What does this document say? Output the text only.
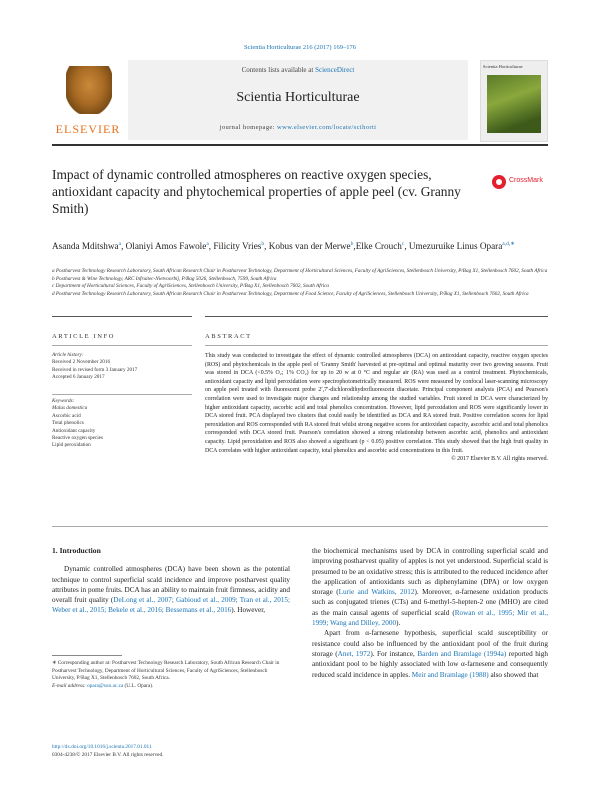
Scientia Horticulturae 216 (2017) 169–176
ELSEVIER
Contents lists available at ScienceDirect
Scientia Horticulturae
journal homepage: www.elsevier.com/locate/scihorti
Scientia Horticulturae
Impact of dynamic controlled atmospheres on reactive oxygen species, antioxidant capacity and phytochemical properties of apple peel (cv. Granny Smith)
CrossMark
Asanda Mditshwa$^a$, Olaniyi Amos Fawole$^a$, Filicity Vries$^b$, Kobus van der Merwe$^b$,Elke Crouch$^c$, Umezuruike Linus Opara$^{a,d,∗}$
a Postharvest Technology Research Laboratory, South African Research Chair in Postharvest Technology, Department of Horticultural Sciences, Faculty of AgriSciences, Stellenbosch University, P/Bag X1, Stellenbosch 7602, South Africa
b Postharvest & Wine Technology, ARC Infruitec-Nietvoorbij, P/Bag 5026, Stellenbosch, 7599, South Africa
c Department of Horticultural Sciences, Faculty of AgriSciences, Stellenbosch University, P/Bag X1, Stellenbosch 7602, South Africa
d Postharvest Technology Research Laboratory, South African Research Chair in Postharvest Technology, Department of Food Science, Faculty of AgriSciences, Stellenbosch University, P/Bag X1, Stellenbosch 7602, South Africa
ARTICLE INFO	ABSTRACT
Article history:
Received 2 November 2016
Received in revised form 3 January 2017
Accepted 6 January 2017
Keywords:
Malus domestica
Ascorbic acid
Total phenolics
Antioxidant capacity
Reactive oxygen species
Lipid peroxidation
This study was conducted to investigate the effect of dynamic controlled atmospheres (DCA) on antioxidant capacity, reactive oxygen species (ROS) and phytochemicals in the apple peel of 'Granny Smith' harvested at pre-optimal and optimal maturity over two growing seasons. Fruit was stored in DCA (<0.5% O₂; 1% CO₂) for up to 20 w at 0 °C and regular air (RA) was used as a control treatment. Phytochemicals, antioxidant capacity and lipid peroxidation were spectrophotometrically measured. ROS were measured by confocal laser-scanning microscopy on apple peel treated with fluorescent probe 2′,7′-dichlorodihydrofluorescein diacetate. Principal component analysis (PCA) and Pearson's correlation were used to investigate major changes and relationship among the studied variables. Fruit stored in DCA were characterized by higher antioxidant capacity, ascorbic acid and total phenolics concentration. However, lipid peroxidation and ROS were significantly lower in DCA stored fruit. PCA displayed two clusters that could easily be identified as DCA and RA stored fruit. Positive correlation scores for lipid peroxidation and ROS corresponded with RA stored fruit whilst strong negative scores for antioxidant capacity, ascorbic acid and total phenolics corresponded with DCA stored fruit. Pearson's correlation showed a strong relationship between ascorbic acid, phenolics and antioxidant capacity. Lipid peroxidation and ROS also showed a significant (p < 0.05) positive correlation. This study showed that the high fruit quality in DCA correlates with higher antioxidant capacity, total phenolics and ascorbic acid concentrations in this fruit.
© 2017 Elsevier B.V. All rights reserved.
1. Introduction
Dynamic controlled atmospheres (DCA) have been shown as the potential technique to control superficial scald incidence and improve postharvest quality attributes in pome fruits. DCA has an ability to maintain fruit firmness, acidity and overall fruit quality (DeLong et al., 2007; Gabioud et al., 2009; Tran et al., 2015; Weber et al., 2015; Bekele et al., 2016; Bessemans et al., 2016). However,
the biochemical mechanisms used by DCA in controlling superficial scald and improving postharvest quality of apples is not yet understood. Superficial scald is presumed to be an oxidative stress; this is attributed to the reduced incidence after the application of antioxidants such as diphenylamine (DPA) or low oxygen storage (Lurie and Watkins, 2012). Moreover, α-farnesene oxidation products such as conjugated trienes (CTs) and 6-methyl-5-hepten-2 one (MHO) are cited as the main causal agents of superficial scald (Rowan et al., 1995; Mir et al., 1999; Wang and Dilley, 2000).
Apart from α-farnesene hypothesis, superficial scald susceptibility or resistance could also be influenced by the antioxidant pool of the fruit during storage (Anet, 1972). For instance, Barden and Bramlage (1994a) reported high antioxidant pool to be highly associated with low α-farnesene and consequently reduced scald incidence in apples. Meir and Bramlage (1988) also showed that
∗ Corresponding author at: Postharvest Technology Research Laboratory, South African Research Chair in Postharvest Technology, Department of Horticultural Sciences, Faculty of AgriSciences, Stellenbosch University, P/Bag X1, Stellenbosch 7602, South Africa.
E-mail address: opara@sun.ac.za (U.L. Opara).
http://dx.doi.org/10.1016/j.scienta.2017.01.011
0304-4238/© 2017 Elsevier B.V. All rights reserved.
